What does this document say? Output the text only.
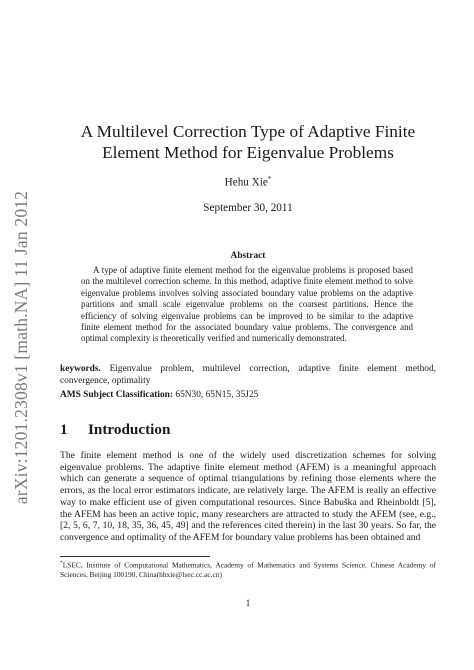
arXiv:1201.2308v1 [math.NA] 11 Jan 2012
A Multilevel Correction Type of Adaptive Finite Element Method for Eigenvalue Problems

Hehu Xie*

September 30, 2011

Abstract

A type of adaptive finite element method for the eigenvalue problems is proposed based on the multilevel correction scheme. In this method, adaptive finite element method to solve eigenvalue problems involves solving associated boundary value problems on the adaptive partitions and small scale eigenvalue problems on the coarsest partitions. Hence the efficiency of solving eigenvalue problems can be improved to be similar to the adaptive finite element method for the associated boundary value problems. The convergence and optimal complexity is theoretically verified and numerically demonstrated.

keywords. Eigenvalue problem, multilevel correction, adaptive finite element method, convergence, optimality

AMS Subject Classification: 65N30, 65N15, 35J25

1 Introduction

The finite element method is one of the widely used discretization schemes for solving eigenvalue problems. The adaptive finite element method (AFEM) is a meaningful approach which can generate a sequence of optimal triangulations by refining those elements where the errors, as the local error estimators indicate, are relatively large. The AFEM is really an effective way to make efficient use of given computational resources. Since Babuška and Rheinboldt [5], the AFEM has been an active topic, many researchers are attracted to study the AFEM (see, e.g., [2, 5, 6, 7, 10, 18, 35, 36, 45, 49] and the references cited therein) in the last 30 years. So far, the convergence and optimality of the AFEM for boundary value problems has been obtained and

*LSEC, Institute of Computational Mathematics, Academy of Mathematics and Systems Science, Chinese Academy of Sciences, Beijing 100190, China(hhxie@lsec.cc.ac.cn)

1
